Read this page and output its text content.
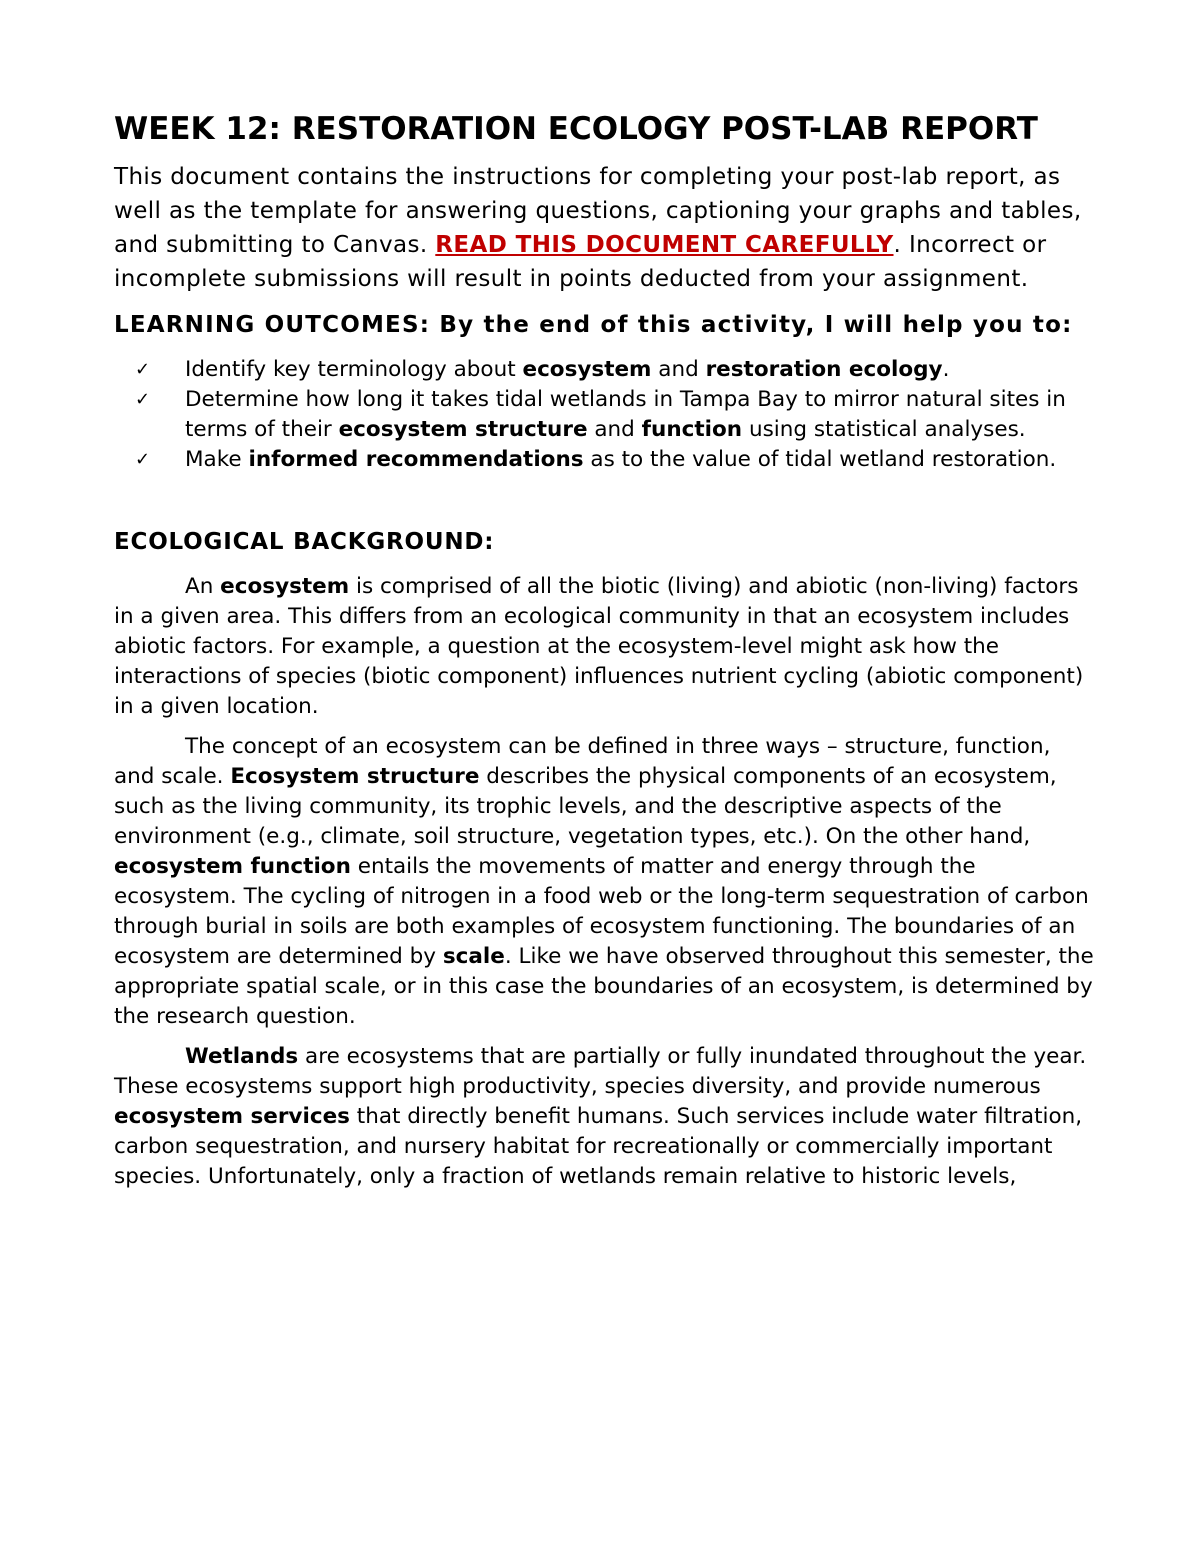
WEEK 12: RESTORATION ECOLOGY POST-LAB REPORT

This document contains the instructions for completing your post-lab report, as well as the template for answering questions, captioning your graphs and tables, and submitting to Canvas. READ THIS DOCUMENT CAREFULLY. Incorrect or incomplete submissions will result in points deducted from your assignment.

LEARNING OUTCOMES: By the end of this activity, I will help you to:
✓ Identify key terminology about ecosystem and restoration ecology.
✓ Determine how long it takes tidal wetlands in Tampa Bay to mirror natural sites in terms of their ecosystem structure and function using statistical analyses.
✓ Make informed recommendations as to the value of tidal wetland restoration.
ECOLOGICAL BACKGROUND:

An ecosystem is comprised of all the biotic (living) and abiotic (non-living) factors in a given area. This differs from an ecological community in that an ecosystem includes abiotic factors. For example, a question at the ecosystem-level might ask how the interactions of species (biotic component) influences nutrient cycling (abiotic component) in a given location.

The concept of an ecosystem can be defined in three ways – structure, function, and scale. Ecosystem structure describes the physical components of an ecosystem, such as the living community, its trophic levels, and the descriptive aspects of the environment (e.g., climate, soil structure, vegetation types, etc.). On the other hand, ecosystem function entails the movements of matter and energy through the ecosystem. The cycling of nitrogen in a food web or the long-term sequestration of carbon through burial in soils are both examples of ecosystem functioning. The boundaries of an ecosystem are determined by scale. Like we have observed throughout this semester, the appropriate spatial scale, or in this case the boundaries of an ecosystem, is determined by the research question.

Wetlands are ecosystems that are partially or fully inundated throughout the year. These ecosystems support high productivity, species diversity, and provide numerous ecosystem services that directly benefit humans. Such services include water filtration, carbon sequestration, and nursery habitat for recreationally or commercially important species. Unfortunately, only a fraction of wetlands remain relative to historic levels,
